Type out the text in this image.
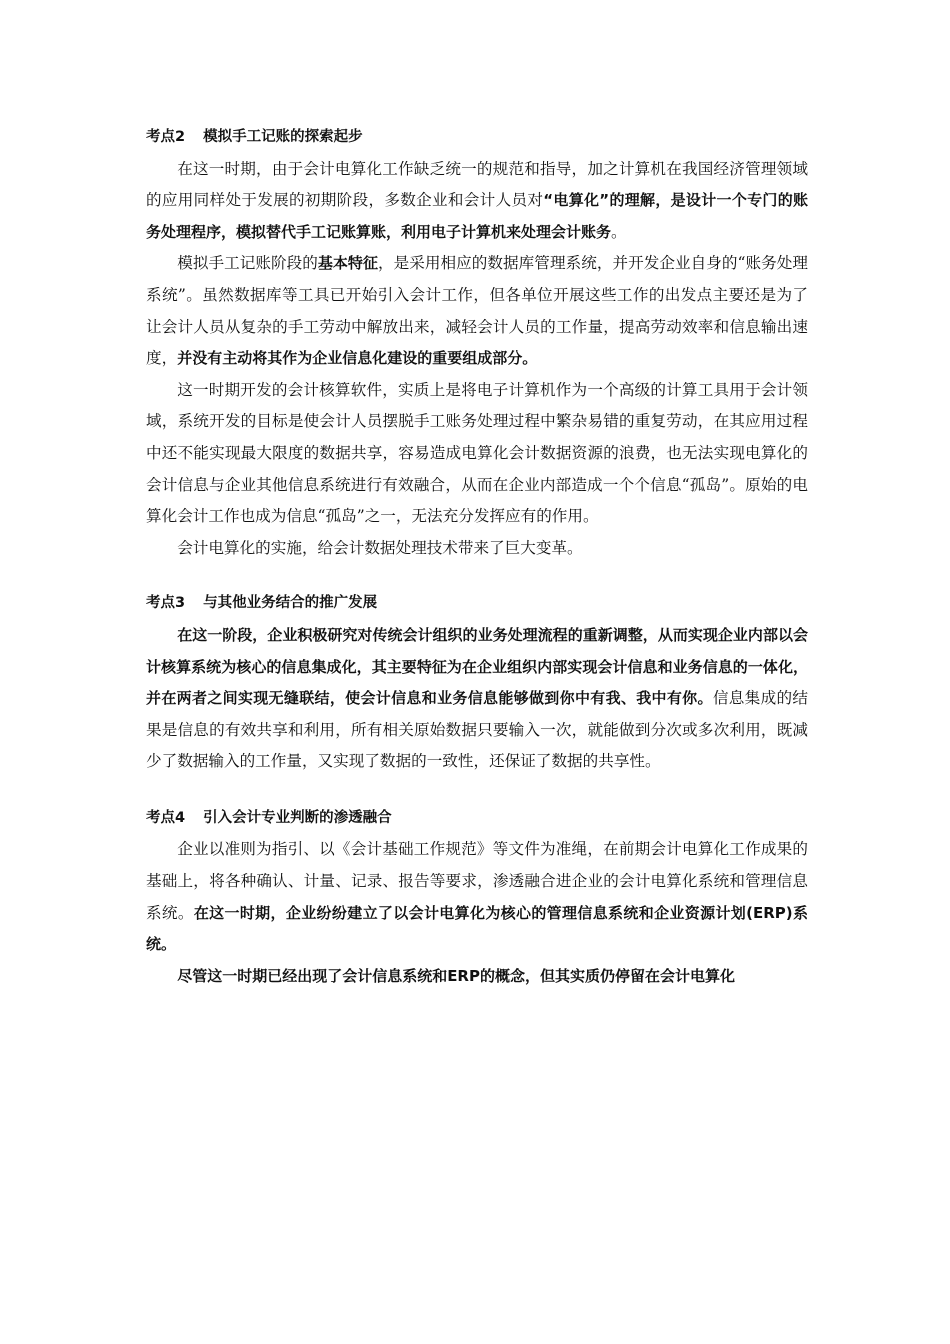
考点2 模拟手工记账的探索起步

在这一时期，由于会计电算化工作缺乏统一的规范和指导，加之计算机在我国经济管理领域的应用同样处于发展的初期阶段，多数企业和会计人员对“电算化”的理解，是设计一个专门的账务处理程序，模拟替代手工记账算账，利用电子计算机来处理会计账务。

模拟手工记账阶段的基本特征，是采用相应的数据库管理系统，并开发企业自身的“账务处理系统”。虽然数据库等工具已开始引入会计工作，但各单位开展这些工作的出发点主要还是为了让会计人员从复杂的手工劳动中解放出来，减轻会计人员的工作量，提高劳动效率和信息输出速度，并没有主动将其作为企业信息化建设的重要组成部分。

这一时期开发的会计核算软件，实质上是将电子计算机作为一个高级的计算工具用于会计领域，系统开发的目标是使会计人员摆脱手工账务处理过程中繁杂易错的重复劳动，在其应用过程中还不能实现最大限度的数据共享，容易造成电算化会计数据资源的浪费，也无法实现电算化的会计信息与企业其他信息系统进行有效融合，从而在企业内部造成一个个信息“孤岛”。原始的电算化会计工作也成为信息“孤岛”之一，无法充分发挥应有的作用。

会计电算化的实施，给会计数据处理技术带来了巨大变革。

考点3 与其他业务结合的推广发展

在这一阶段，企业积极研究对传统会计组织的业务处理流程的重新调整，从而实现企业内部以会计核算系统为核心的信息集成化，其主要特征为在企业组织内部实现会计信息和业务信息的一体化，并在两者之间实现无缝联结，使会计信息和业务信息能够做到你中有我、我中有你。信息集成的结果是信息的有效共享和利用，所有相关原始数据只要输入一次，就能做到分次或多次利用，既减少了数据输入的工作量，又实现了数据的一致性，还保证了数据的共享性。

考点4 引入会计专业判断的渗透融合

企业以准则为指引、以《会计基础工作规范》等文件为准绳，在前期会计电算化工作成果的基础上，将各种确认、计量、记录、报告等要求，渗透融合进企业的会计电算化系统和管理信息系统。在这一时期，企业纷纷建立了以会计电算化为核心的管理信息系统和企业资源计划(ERP)系统。

尽管这一时期已经出现了会计信息系统和ERP的概念，但其实质仍停留在会计电算化
